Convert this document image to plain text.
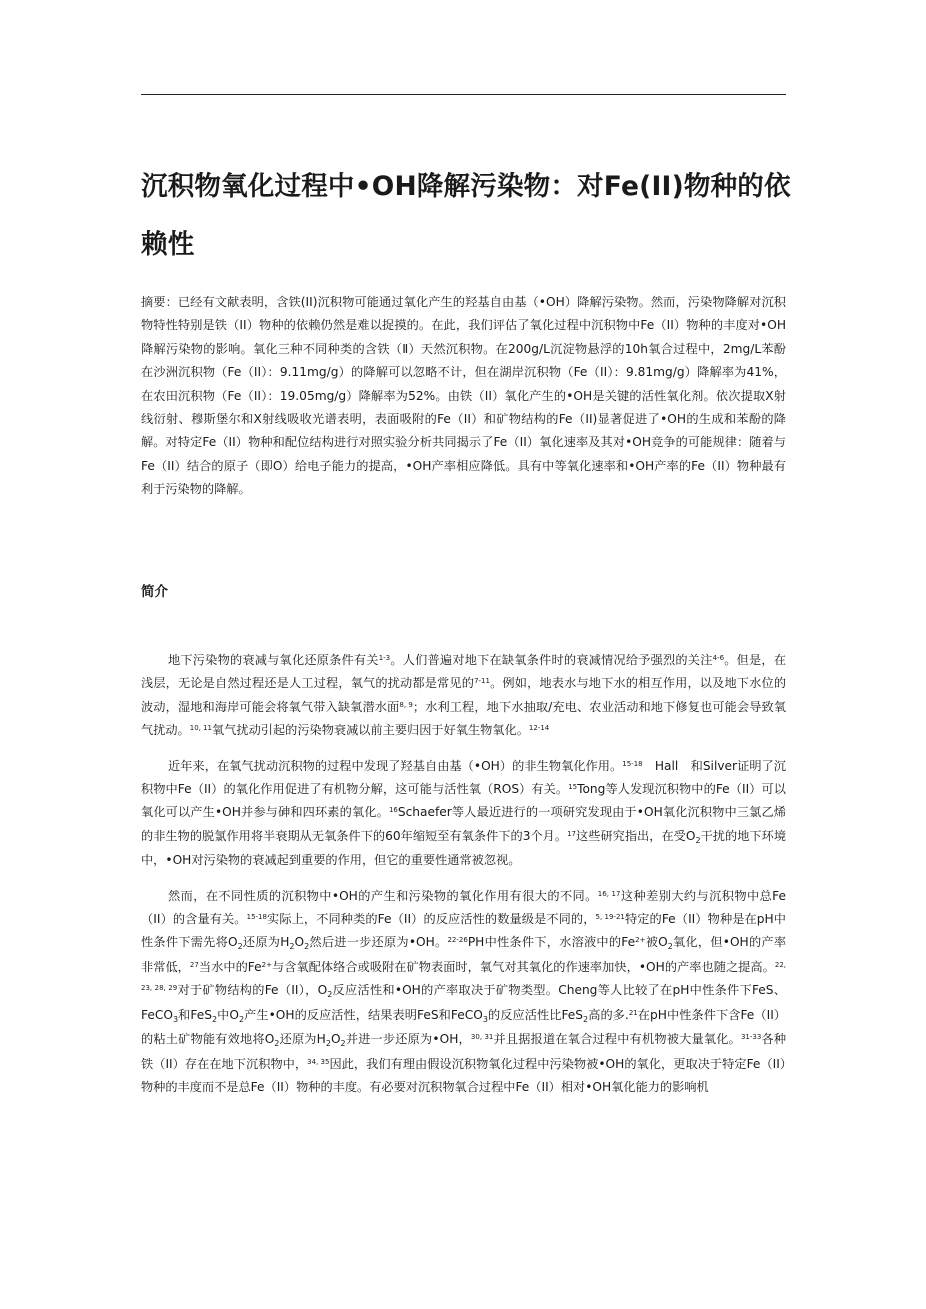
沉积物氧化过程中•OH降解污染物：对Fe(II)物种的依赖性
摘要：已经有文献表明，含铁(II)沉积物可能通过氧化产生的羟基自由基（•OH）降解污染物。然而，污染物降解对沉积物特性特别是铁（II）物种的依赖仍然是难以捉摸的。在此，我们评估了氧化过程中沉积物中Fe（II）物种的丰度对•OH降解污染物的影响。氧化三种不同种类的含铁（Ⅱ）天然沉积物。在200g/L沉淀物悬浮的10h氧合过程中，2mg/L苯酚在沙洲沉积物（Fe（II）：9.11mg/g）的降解可以忽略不计，但在湖岸沉积物（Fe（II）：9.81mg/g）降解率为41%，在农田沉积物（Fe（II）：19.05mg/g）降解率为52%。由铁（II）氧化产生的•OH是关键的活性氧化剂。依次提取X射线衍射、穆斯堡尔和X射线吸收光谱表明，表面吸附的Fe（II）和矿物结构的Fe（II)显著促进了•OH的生成和苯酚的降解。对特定Fe（II）物种和配位结构进行对照实验分析共同揭示了Fe（II）氧化速率及其对•OH竞争的可能规律：随着与Fe（II）结合的原子（即O）给电子能力的提高，•OH产率相应降低。具有中等氧化速率和•OH产率的Fe（II）物种最有利于污染物的降解。
简介

地下污染物的衰减与氧化还原条件有关$^{1-3}$。人们普遍对地下在缺氧条件时的衰减情况给予强烈的关注$^{4-6}$。但是，在浅层，无论是自然过程还是人工过程，氧气的扰动都是常见的$^{7-11}$。例如，地表水与地下水的相互作用，以及地下水位的波动，湿地和海岸可能会将氧气带入缺氧潜水面$^{8, 9}$；水利工程，地下水抽取/充电、农业活动和地下修复也可能会导致氧气扰动。$^{10, 11}$氧气扰动引起的污染物衰减以前主要归因于好氧生物氧化。$^{12-14}$

近年来，在氧气扰动沉积物的过程中发现了羟基自由基（•OH）的非生物氧化作用。$^{15-18}$　Hall　和Silver证明了沉积物中Fe（II）的氧化作用促进了有机物分解，这可能与活性氧（ROS）有关。$^{15}$Tong等人发现沉积物中的Fe（II）可以氧化可以产生•OH并参与砷和四环素的氧化。$^{16}$Schaefer等人最近进行的一项研究发现由于•OH氧化沉积物中三氯乙烯的非生物的脱氯作用将半衰期从无氧条件下的60年缩短至有氧条件下的3个月。$^{17}$这些研究指出，在受$O_2$干扰的地下环境中，•OH对污染物的衰减起到重要的作用，但它的重要性通常被忽视。

然而，在不同性质的沉积物中•OH的产生和污染物的氧化作用有很大的不同。$^{16, 17}$这种差别大约与沉积物中总Fe（II）的含量有关。$^{15-18}$实际上，不同种类的Fe（II）的反应活性的数量级是不同的，$^{5, 19-21}$特定的Fe（II）物种是在pH中性条件下需先将$O_2$还原为$H_2O_2$然后进一步还原为•OH。$^{22-26}$PH中性条件下，水溶液中的$Fe^{2+}$被$O_2$氧化，但•OH的产率非常低，$^{27}$当水中的$Fe^{2+}$与含氧配体络合或吸附在矿物表面时，氧气对其氧化的作速率加快，•OH的产率也随之提高。$^{22, 23, 28, 29}$对于矿物结构的Fe（II），$O_2$反应活性和•OH的产率取决于矿物类型。Cheng等人比较了在pH中性条件下FeS、FeCO$_3$和FeS$_2$中$O_2$产生•OH的反应活性，结果表明FeS和FeCO$_3$的反应活性比FeS$_2$高的多.$^{21}$在pH中性条件下含Fe（II）的粘土矿物能有效地将$O_2$还原为$H_2O_2$并进一步还原为•OH，$^{30, 31}$并且据报道在氧合过程中有机物被大量氧化。$^{31-33}$各种铁（II）存在在地下沉积物中，$^{34, 35}$因此，我们有理由假设沉积物氧化过程中污染物被•OH的氧化，更取决于特定Fe（II）物种的丰度而不是总Fe（II）物种的丰度。有必要对沉积物氧合过程中Fe（II）相对•OH氧化能力的影响机
